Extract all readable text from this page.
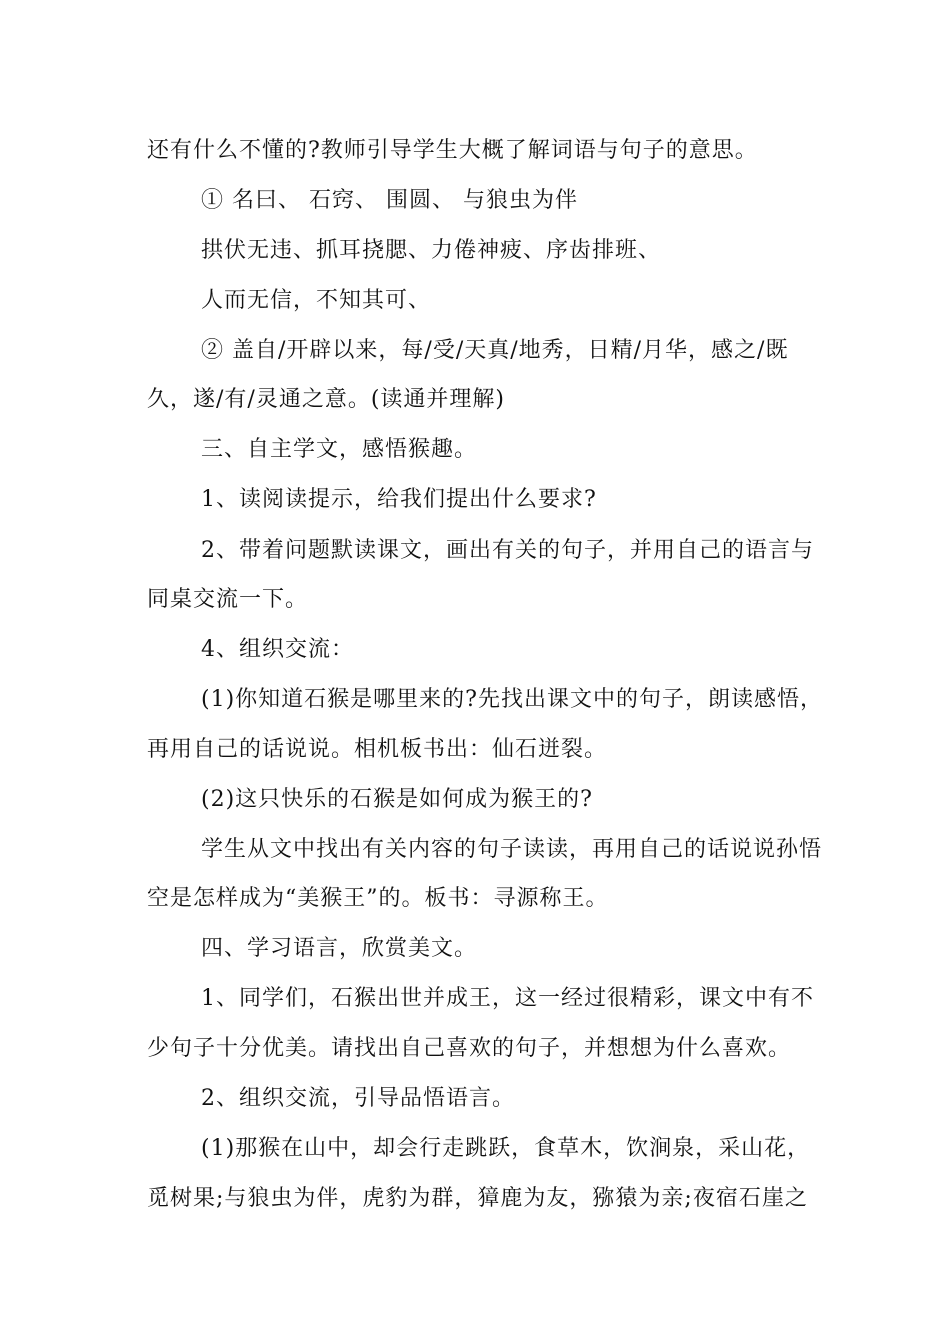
还有什么不懂的?教师引导学生大概了解词语与句子的意思。
① 名曰、 石窍、 围圆、 与狼虫为伴
拱伏无违、抓耳挠腮、力倦神疲、序齿排班、
人而无信，不知其可、
② 盖自/开辟以来，每/受/天真/地秀，日精/月华，感之/既
久，遂/有/灵通之意。(读通并理解)
三、自主学文，感悟猴趣。
1、读阅读提示，给我们提出什么要求?
2、带着问题默读课文，画出有关的句子，并用自己的语言与
同桌交流一下。
4、组织交流：
(1)你知道石猴是哪里来的?先找出课文中的句子，朗读感悟，
再用自己的话说说。相机板书出：仙石迸裂。
(2)这只快乐的石猴是如何成为猴王的?
学生从文中找出有关内容的句子读读，再用自己的话说说孙悟
空是怎样成为“美猴王”的。板书：寻源称王。
四、学习语言，欣赏美文。
1、同学们，石猴出世并成王，这一经过很精彩，课文中有不
少句子十分优美。请找出自己喜欢的句子，并想想为什么喜欢。
2、组织交流，引导品悟语言。
(1)那猴在山中，却会行走跳跃，食草木，饮涧泉，采山花，
觅树果;与狼虫为伴，虎豹为群，獐鹿为友，猕猿为亲;夜宿石崖之
